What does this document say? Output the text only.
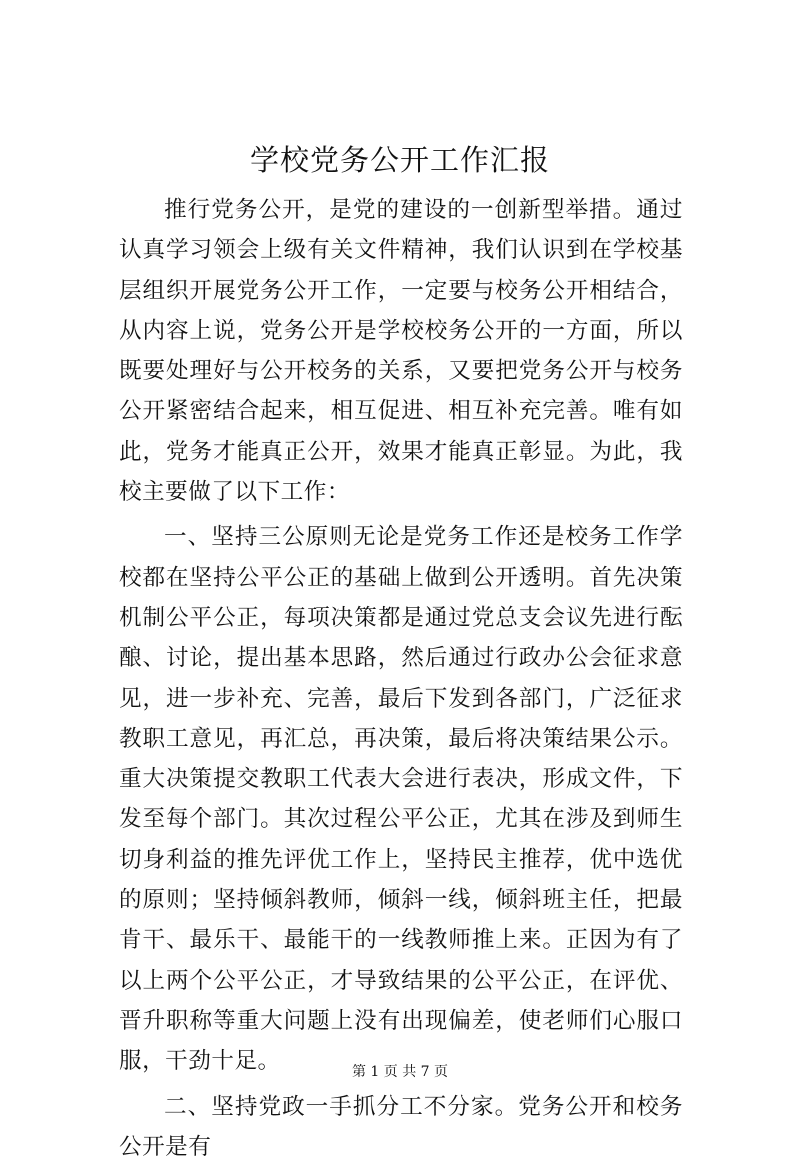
学校党务公开工作汇报

推行党务公开，是党的建设的一创新型举措。通过认真学习领会上级有关文件精神，我们认识到在学校基层组织开展党务公开工作，一定要与校务公开相结合，从内容上说，党务公开是学校校务公开的一方面，所以既要处理好与公开校务的关系，又要把党务公开与校务公开紧密结合起来，相互促进、相互补充完善。唯有如此，党务才能真正公开，效果才能真正彰显。为此，我校主要做了以下工作：

一、坚持三公原则无论是党务工作还是校务工作学校都在坚持公平公正的基础上做到公开透明。首先决策机制公平公正，每项决策都是通过党总支会议先进行酝酿、讨论，提出基本思路，然后通过行政办公会征求意见，进一步补充、完善，最后下发到各部门，广泛征求教职工意见，再汇总，再决策，最后将决策结果公示。重大决策提交教职工代表大会进行表决，形成文件，下发至每个部门。其次过程公平公正，尤其在涉及到师生切身利益的推先评优工作上，坚持民主推荐，优中选优的原则；坚持倾斜教师，倾斜一线，倾斜班主任，把最肯干、最乐干、最能干的一线教师推上来。正因为有了以上两个公平公正，才导致结果的公平公正，在评优、晋升职称等重大问题上没有出现偏差，使老师们心服口服，干劲十足。

二、坚持党政一手抓分工不分家。党务公开和校务公开是有

第 1 页 共 7 页
